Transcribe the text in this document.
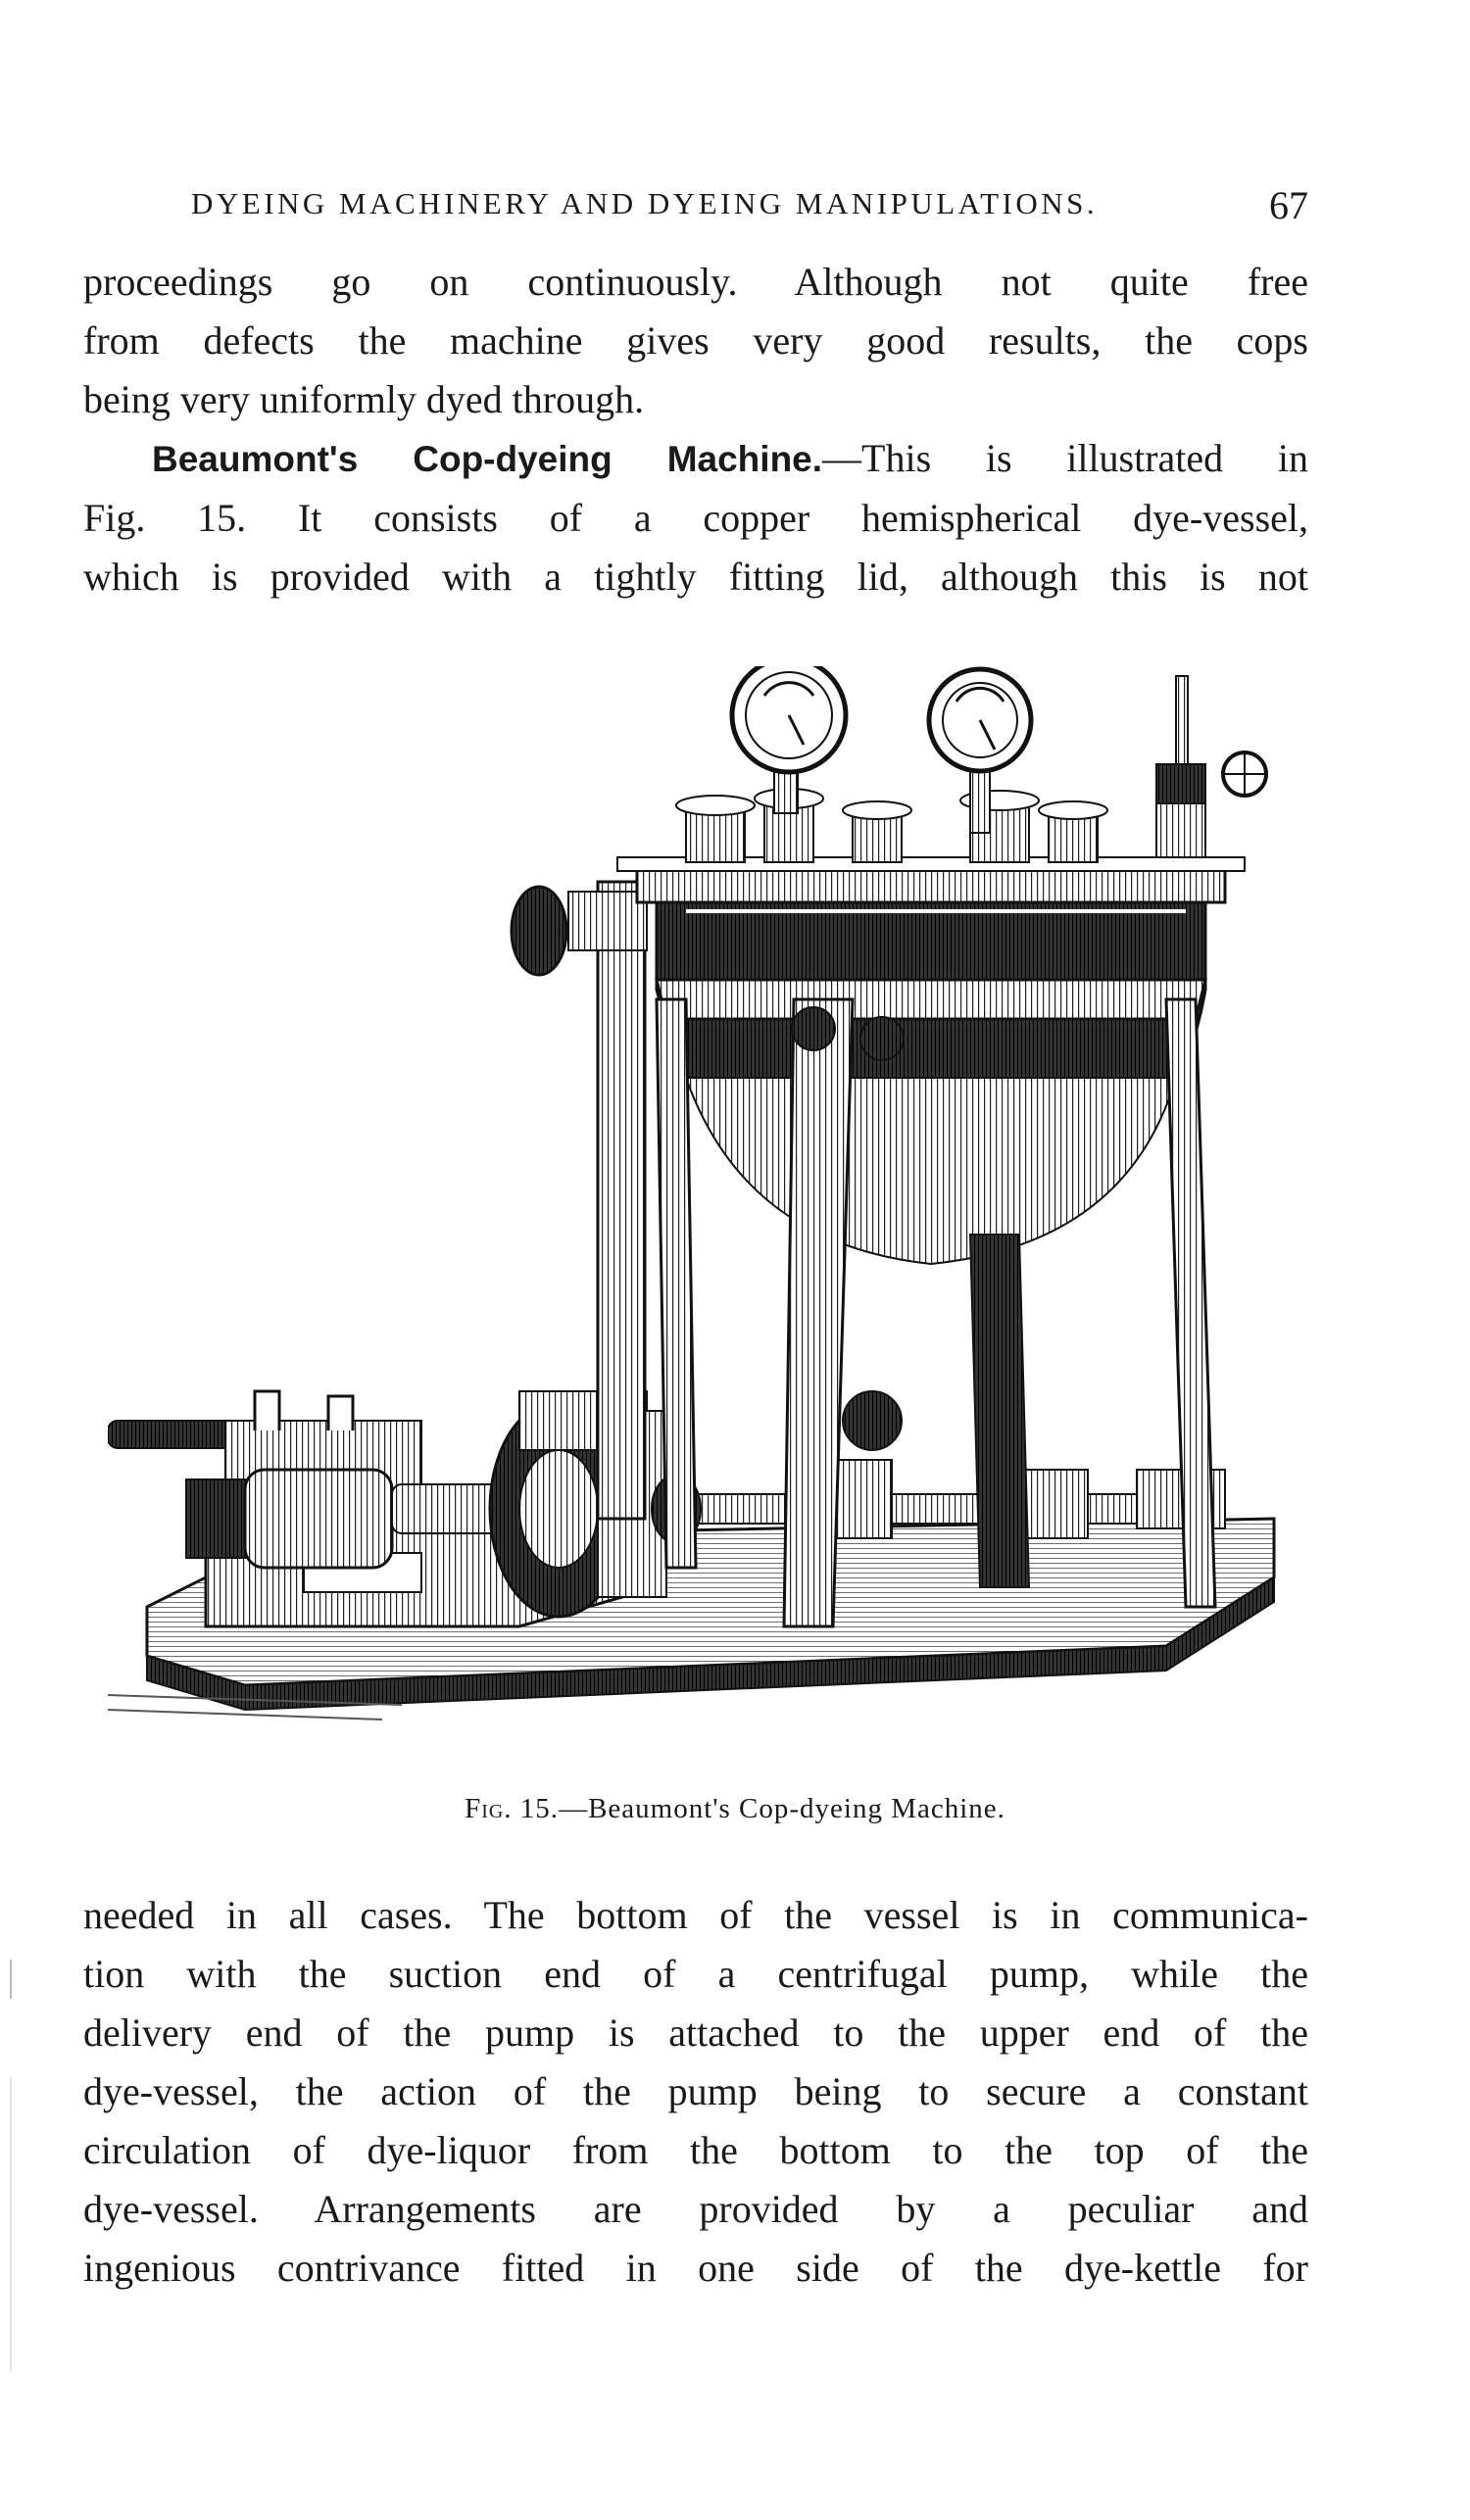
DYEING MACHINERY AND DYEING MANIPULATIONS.	67

proceedings go on continuously. Although not quite free
from defects the machine gives very good results, the cops
being very uniformly dyed through.

Beaumont's Cop-dyeing Machine.—This is illustrated in
Fig. 15. It consists of a copper hemispherical dye-vessel,
which is provided with a tightly fitting lid, although this is not

Fig. 15.—Beaumont's Cop-dyeing Machine.

needed in all cases. The bottom of the vessel is in communica-
tion with the suction end of a centrifugal pump, while the
delivery end of the pump is attached to the upper end of the
dye-vessel, the action of the pump being to secure a constant
circulation of dye-liquor from the bottom to the top of the
dye-vessel. Arrangements are provided by a peculiar and
ingenious contrivance fitted in one side of the dye-kettle for
